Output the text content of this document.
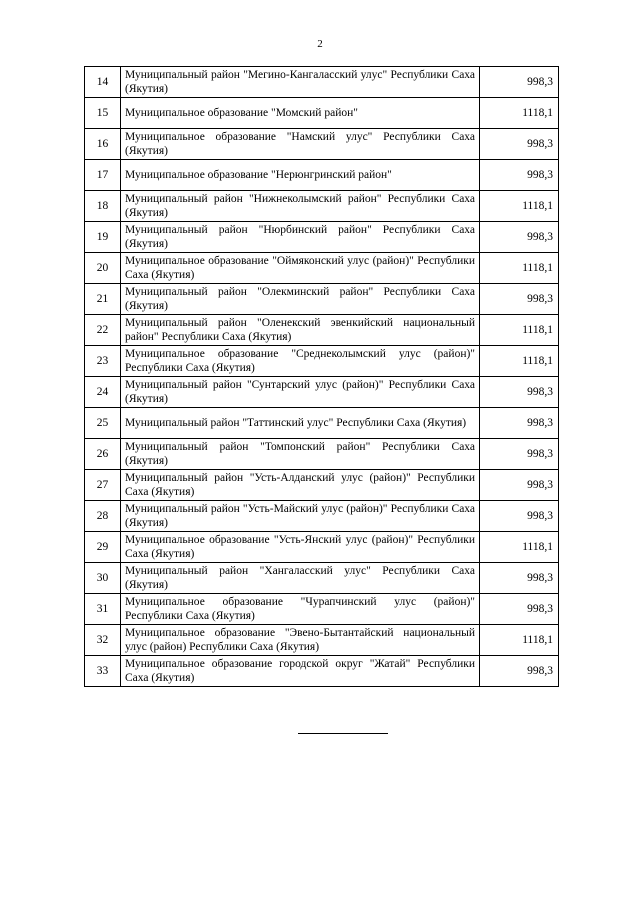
2
14	Муниципальный район "Мегино-Кангаласский улус" Республики Саха (Якутия)	998,3
15	Муниципальное образование "Момский район"	1118,1
16	Муниципальное образование "Намский улус" Республики Саха (Якутия)	998,3
17	Муниципальное образование "Нерюнгринский район"	998,3
18	Муниципальный район "Нижнеколымский район" Республики Саха (Якутия)	1118,1
19	Муниципальный район "Нюрбинский район" Республики Саха (Якутия)	998,3
20	Муниципальное образование "Оймяконский улус (район)" Республики Саха (Якутия)	1118,1
21	Муниципальный район "Олекминский район" Республики Саха (Якутия)	998,3
22	Муниципальный район "Оленекский эвенкийский национальный район" Республики Саха (Якутия)	1118,1
23	Муниципальное образование "Среднеколымский улус (район)" Республики Саха (Якутия)	1118,1
24	Муниципальный район "Сунтарский улус (район)" Республики Саха (Якутия)	998,3
25	Муниципальный район "Таттинский улус" Республики Саха (Якутия)	998,3
26	Муниципальный район "Томпонский район" Республики Саха (Якутия)	998,3
27	Муниципальный район "Усть-Алданский улус (район)" Республики Саха (Якутия)	998,3
28	Муниципальный район "Усть-Майский улус (район)" Республики Саха (Якутия)	998,3
29	Муниципальное образование "Усть-Янский улус (район)" Республики Саха (Якутия)	1118,1
30	Муниципальный район "Хангаласский улус" Республики Саха (Якутия)	998,3
31	Муниципальное образование "Чурапчинский улус (район)" Республики Саха (Якутия)	998,3
32	Муниципальное образование "Эвено-Бытантайский национальный улус (район) Республики Саха (Якутия)	1118,1
33	Муниципальное образование городской округ "Жатай" Республики Саха (Якутия)	998,3
